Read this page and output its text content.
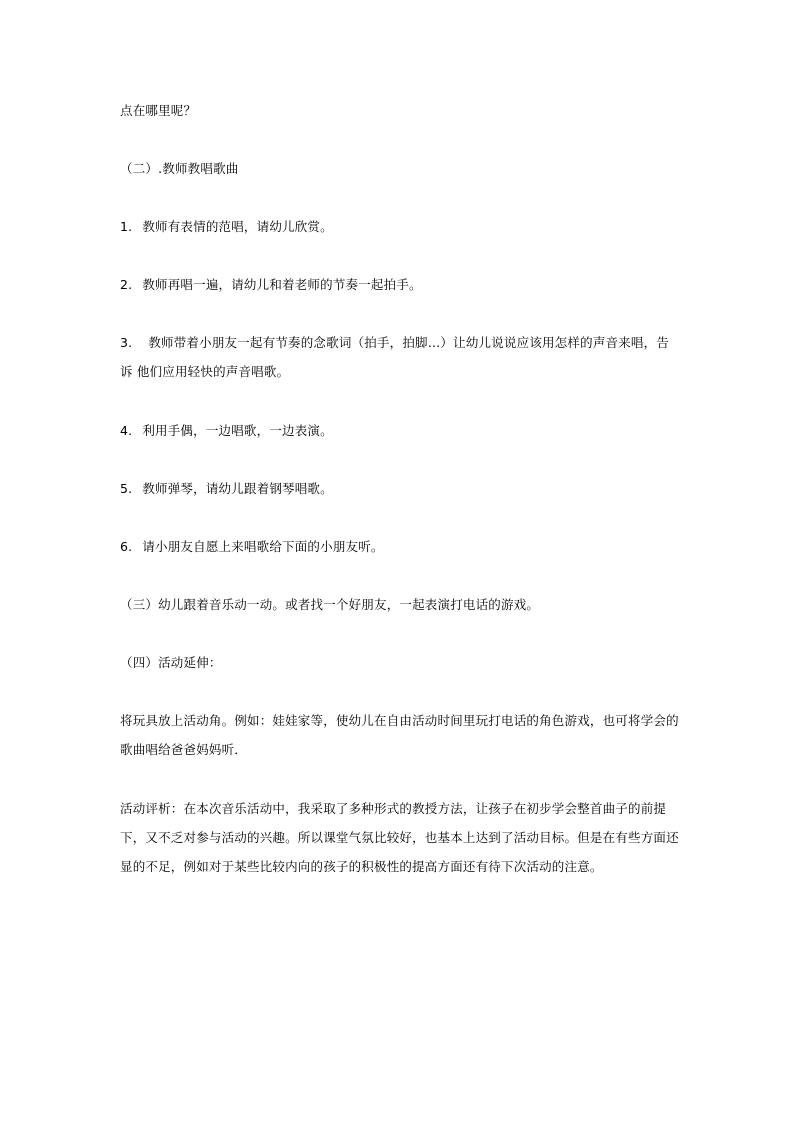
点在哪里呢？
（二）.教师教唱歌曲
1. 教师有表情的范唱，请幼儿欣赏。
2. 教师再唱一遍，请幼儿和着老师的节奏一起拍手。
3. 教师带着小朋友一起有节奏的念歌词（拍手，拍脚…）让幼儿说说应该用怎样的声音来唱，告诉 他们应用轻快的声音唱歌。
4. 利用手偶，一边唱歌，一边表演。
5. 教师弹琴，请幼儿跟着钢琴唱歌。
6. 请小朋友自愿上来唱歌给下面的小朋友听。
（三）幼儿跟着音乐动一动。或者找一个好朋友，一起表演打电话的游戏。
（四）活动延伸：
将玩具放上活动角。例如：娃娃家等，使幼儿在自由活动时间里玩打电话的角色游戏，也可将学会的歌曲唱给爸爸妈妈听．
活动评析：在本次音乐活动中，我采取了多种形式的教授方法，让孩子在初步学会整首曲子的前提下，又不乏对参与活动的兴趣。所以课堂气氛比较好，也基本上达到了活动目标。但是在有些方面还显的不足，例如对于某些比较内向的孩子的积极性的提高方面还有待下次活动的注意。
